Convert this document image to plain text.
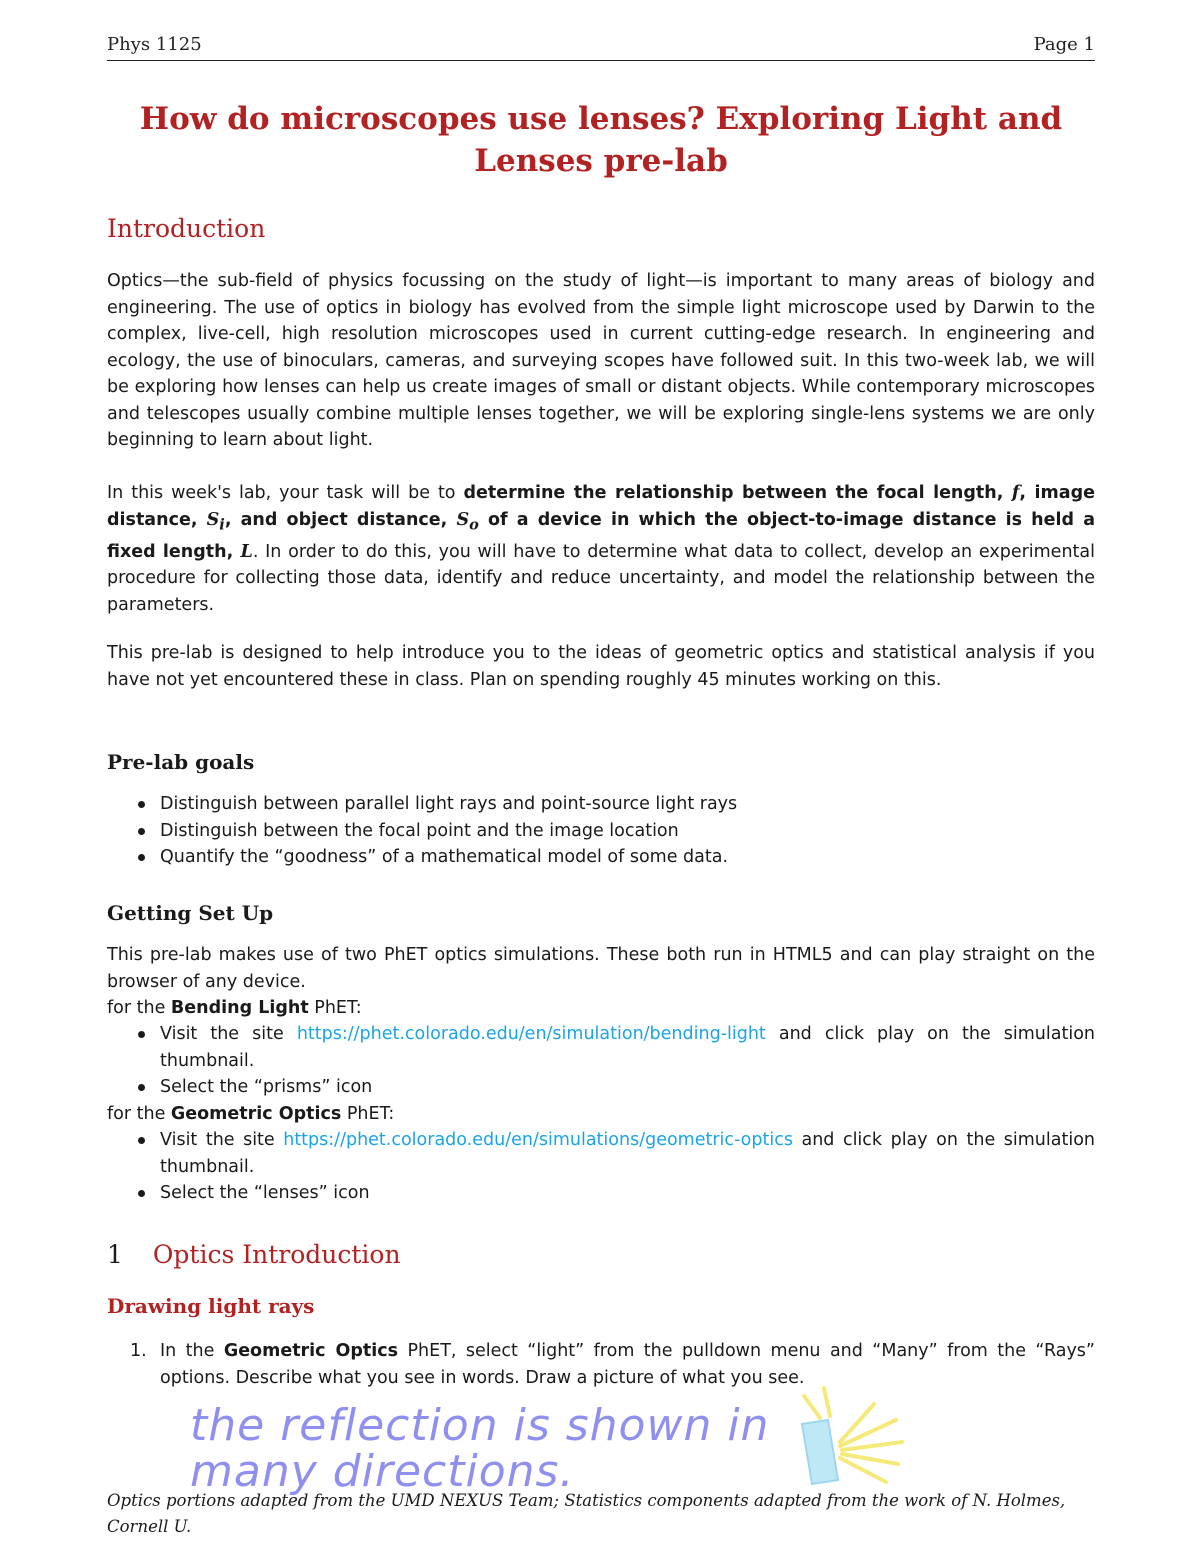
Phys 1125	Page 1
How do microscopes use lenses? Exploring Light and Lenses pre-lab
Introduction
Optics—the sub-field of physics focussing on the study of light—is important to many areas of biology and engineering. The use of optics in biology has evolved from the simple light microscope used by Darwin to the complex, live-cell, high resolution microscopes used in current cutting-edge research. In engineering and ecology, the use of binoculars, cameras, and surveying scopes have followed suit. In this two-week lab, we will be exploring how lenses can help us create images of small or distant objects. While contemporary microscopes and telescopes usually combine multiple lenses together, we will be exploring single-lens systems we are only beginning to learn about light.
In this week's lab, your task will be to determine the relationship between the focal length, f, image distance, $S_i$, and object distance, $S_o$ of a device in which the object-to-image distance is held a fixed length, L. In order to do this, you will have to determine what data to collect, develop an experimental procedure for collecting those data, identify and reduce uncertainty, and model the relationship between the parameters.
This pre-lab is designed to help introduce you to the ideas of geometric optics and statistical analysis if you have not yet encountered these in class. Plan on spending roughly 45 minutes working on this.
Pre-lab goals
Distinguish between parallel light rays and point-source light rays
Distinguish between the focal point and the image location
Quantify the “goodness” of a mathematical model of some data.
Getting Set Up
This pre-lab makes use of two PhET optics simulations. These both run in HTML5 and can play straight on the browser of any device.
for the Bending Light PhET:
Visit the site https://phet.colorado.edu/en/simulation/bending-light and click play on the simulation thumbnail.
Select the “prisms” icon
for the Geometric Optics PhET:
Visit the site https://phet.colorado.edu/en/simulations/geometric-optics and click play on the simulation thumbnail.
Select the “lenses” icon
1 Optics Introduction
Drawing light rays
1. In the Geometric Optics PhET, select “light” from the pulldown menu and “Many” from the “Rays” options. Describe what you see in words. Draw a picture of what you see.
the reflection is shown in
many directions.
Optics portions adapted from the UMD NEXUS Team; Statistics components adapted from the work of N. Holmes, Cornell U.
